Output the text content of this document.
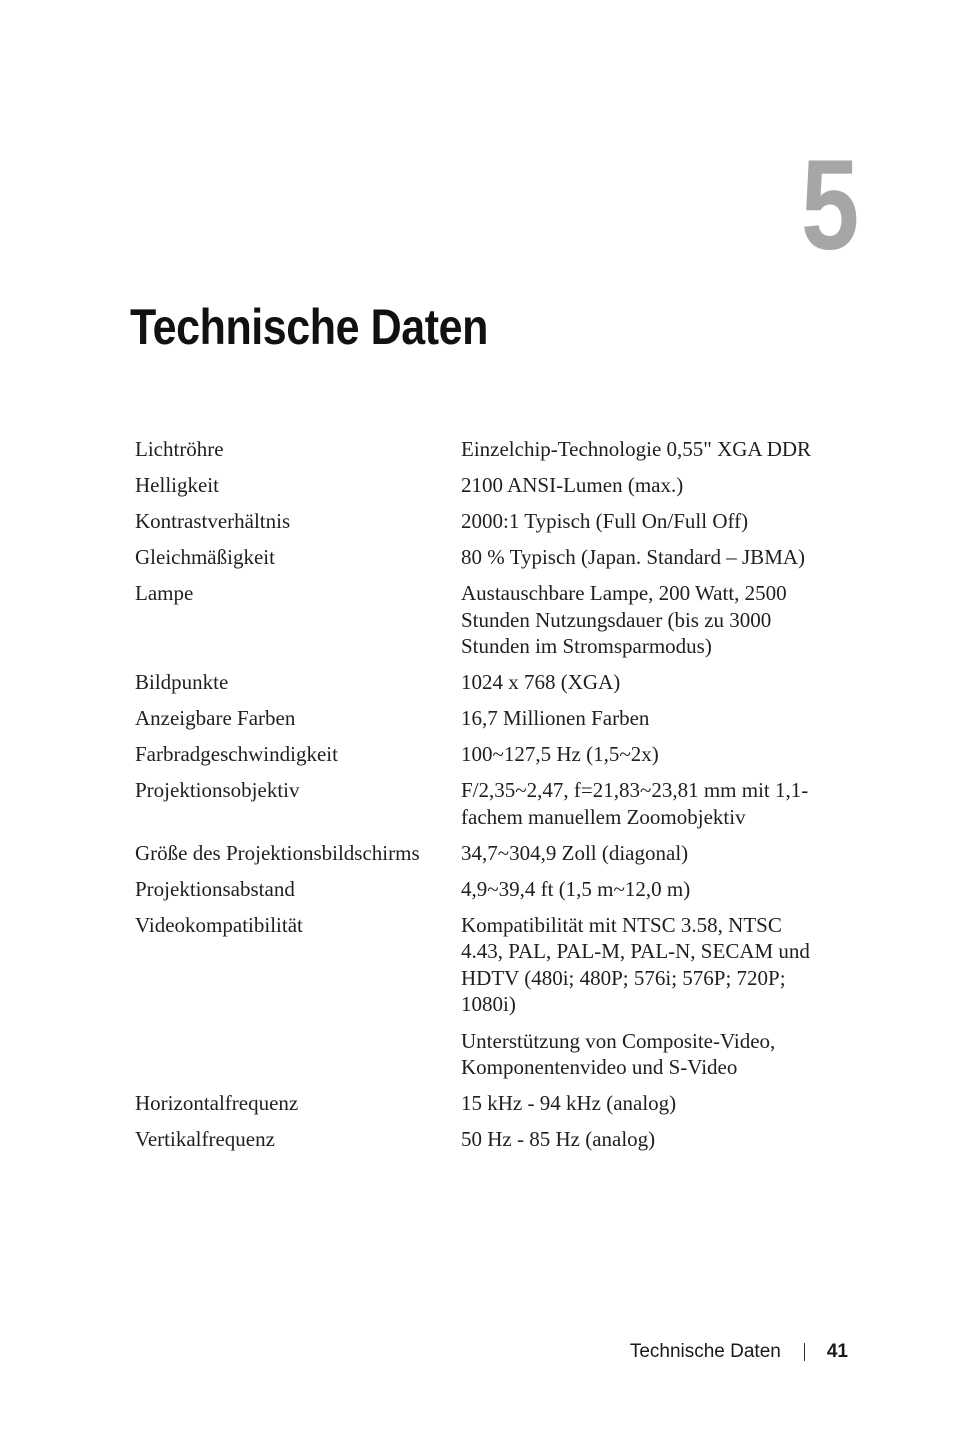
5
Technische Daten
Lichtröhre	Einzelchip-Technologie 0,55" XGA DDR

Helligkeit	2100 ANSI-Lumen (max.)

Kontrastverhältnis	2000:1 Typisch (Full On/Full Off)

Gleichmäßigkeit	80 % Typisch (Japan. Standard – JBMA)

Lampe	Austauschbare Lampe, 200 Watt, 2500 Stunden Nutzungsdauer (bis zu 3000 Stunden im Stromsparmodus)

Bildpunkte	1024 x 768 (XGA)

Anzeigbare Farben	16,7 Millionen Farben

Farbradgeschwindigkeit	100~127,5 Hz (1,5~2x)

Projektionsobjektiv	F/2,35~2,47, f=21,83~23,81 mm mit 1,1-fachem manuellem Zoomobjektiv

Größe des Projektionsbildschirms	34,7~304,9 Zoll (diagonal)

Projektionsabstand	4,9~39,4 ft (1,5 m~12,0 m)

Videokompatibilität	Kompatibilität mit NTSC 3.58, NTSC 4.43, PAL, PAL-M, PAL-N, SECAM und HDTV (480i; 480P; 576i; 576P; 720P; 1080i)

Unterstützung von Composite-Video, Komponentenvideo und S-Video

Horizontalfrequenz	15 kHz - 94 kHz (analog)

Vertikalfrequenz	50 Hz - 85 Hz (analog)

Technische Daten 41
